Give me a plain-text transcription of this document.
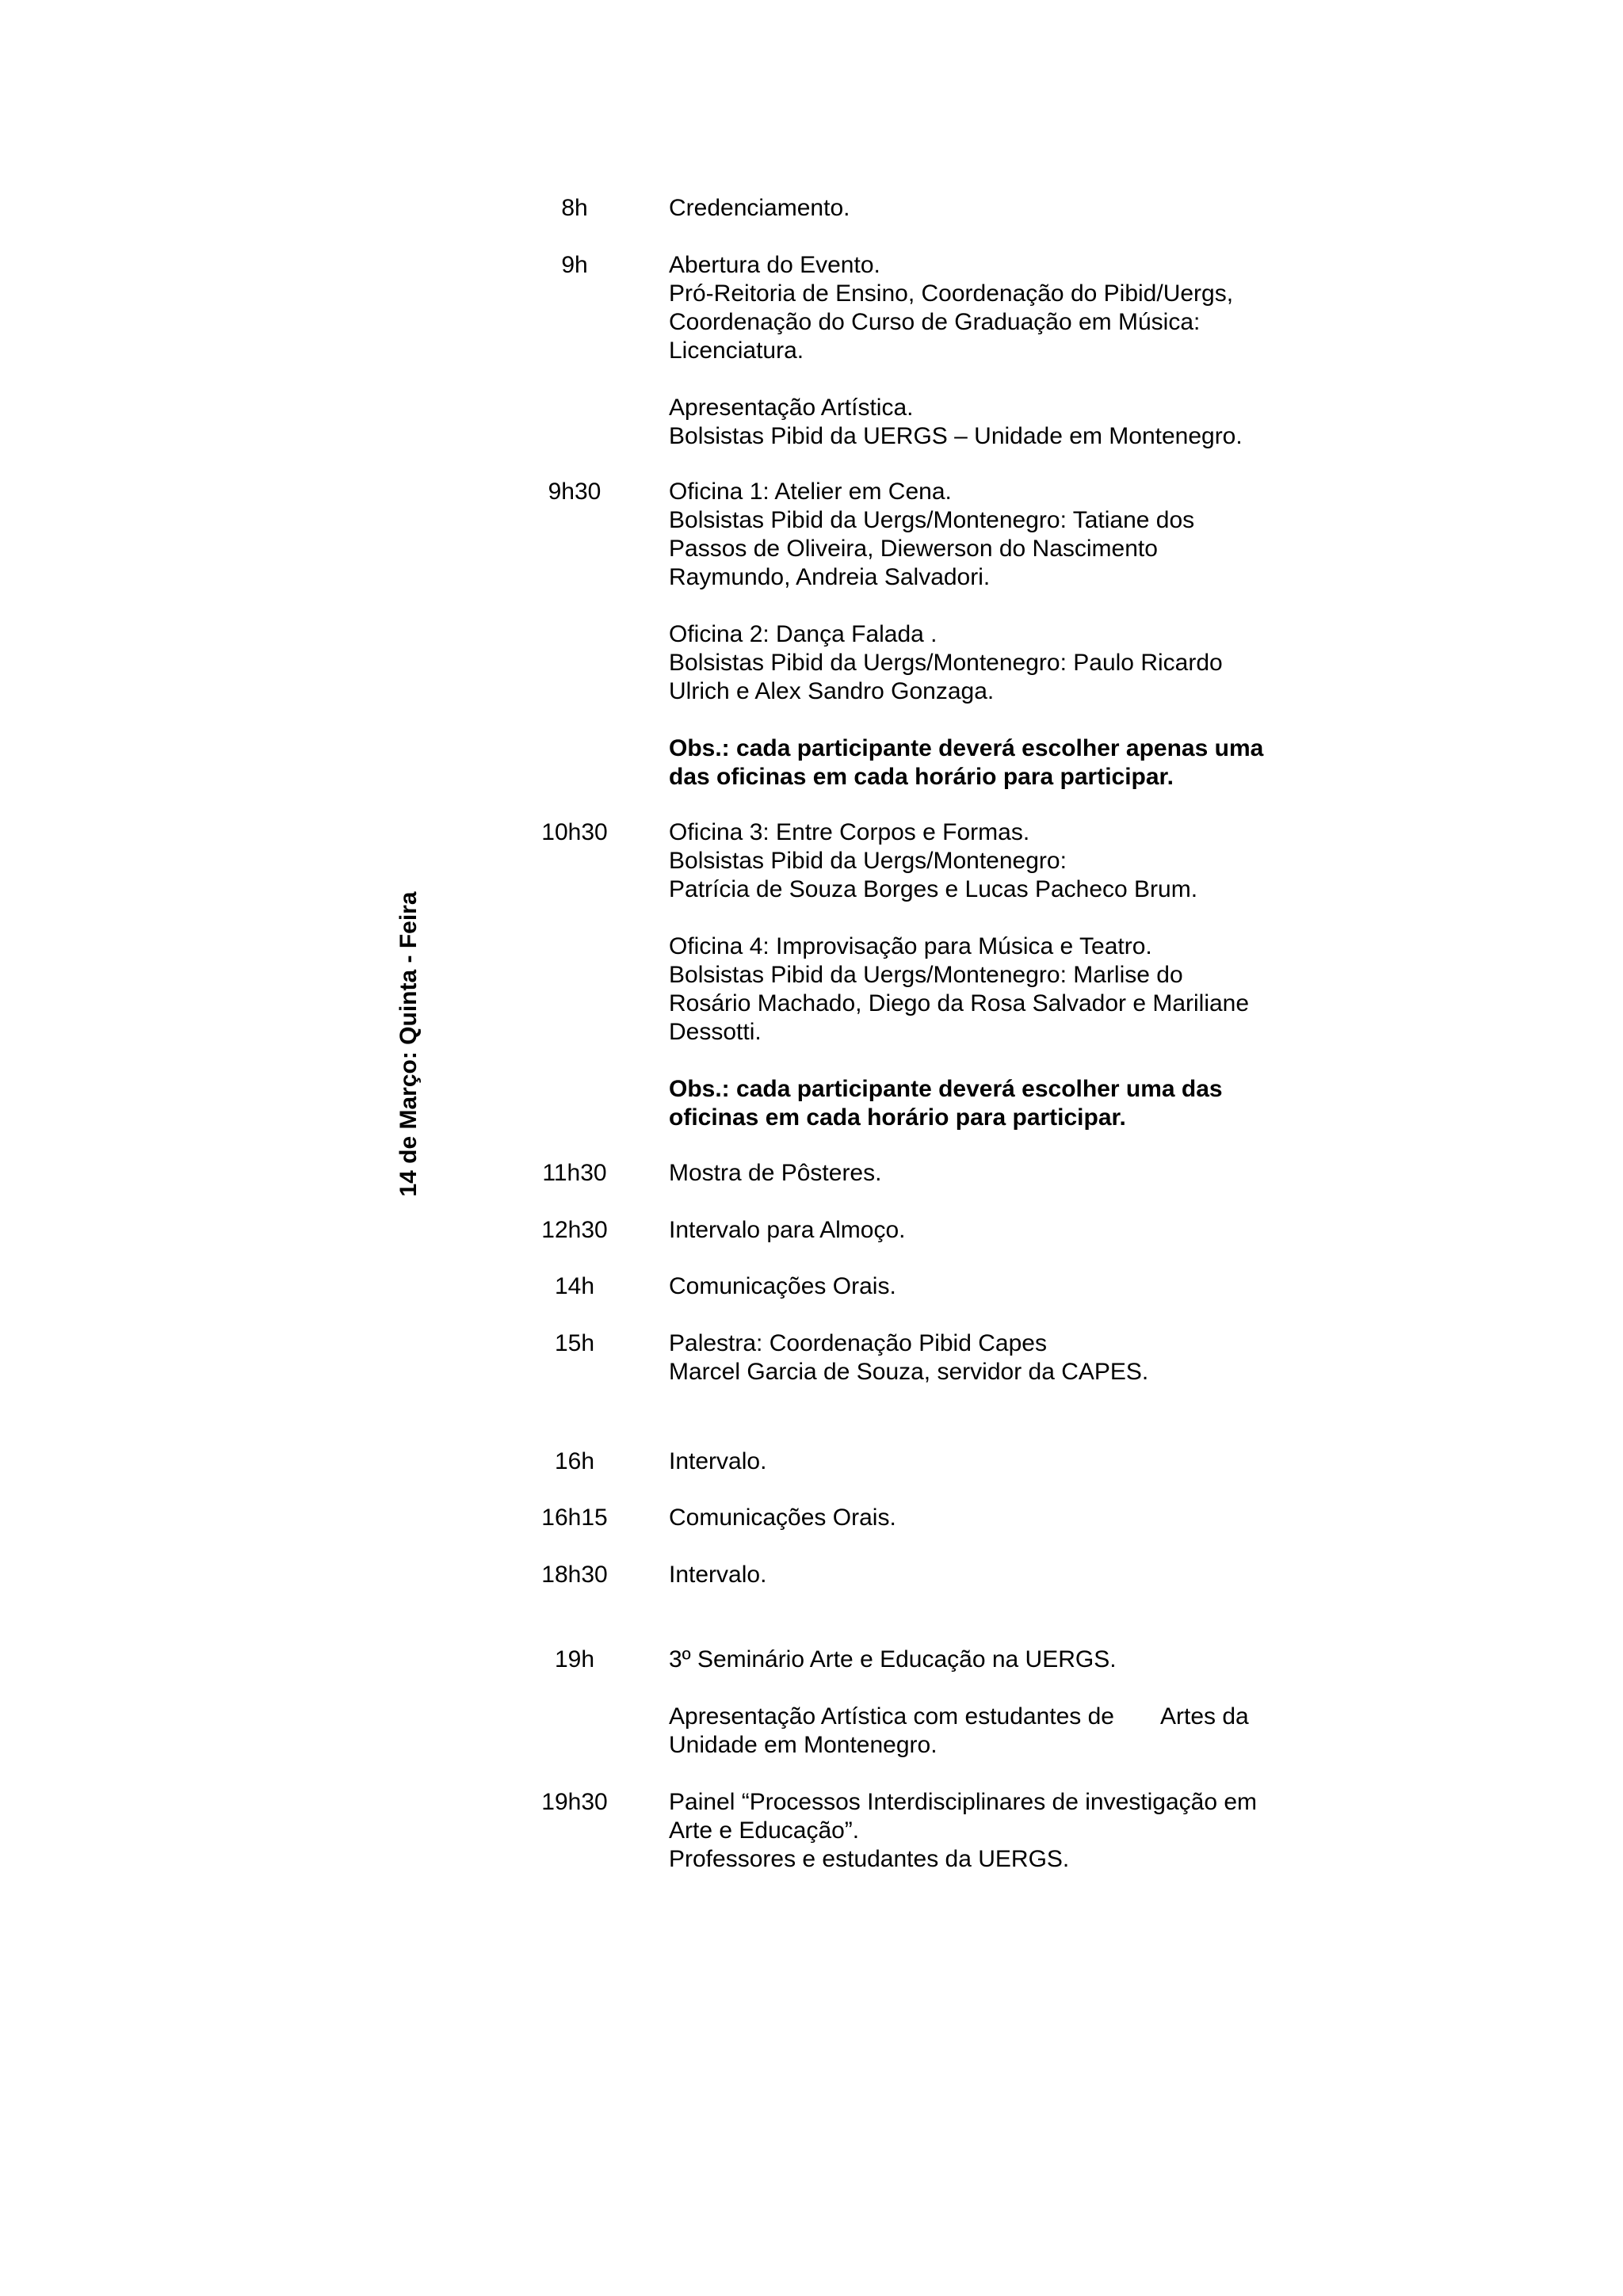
14 de Março: Quinta - Feira
8h	Credenciamento.
9h	Abertura do Evento.
Pró-Reitoria de Ensino, Coordenação do Pibid/Uergs,
Coordenação do Curso de Graduação em Música:
Licenciatura.
Apresentação Artística.
Bolsistas Pibid da UERGS – Unidade em Montenegro.
9h30	Oficina 1: Atelier em Cena.
Bolsistas Pibid da Uergs/Montenegro: Tatiane dos
Passos de Oliveira, Diewerson do Nascimento
Raymundo, Andreia Salvadori.
Oficina 2: Dança Falada .
Bolsistas Pibid da Uergs/Montenegro: Paulo Ricardo
Ulrich e Alex Sandro Gonzaga.
Obs.: cada participante deverá escolher apenas uma
das oficinas em cada horário para participar.
10h30	Oficina 3: Entre Corpos e Formas.
Bolsistas Pibid da Uergs/Montenegro:
Patrícia de Souza Borges e Lucas Pacheco Brum.
Oficina 4: Improvisação para Música e Teatro.
Bolsistas Pibid da Uergs/Montenegro: Marlise do
Rosário Machado, Diego da Rosa Salvador e Mariliane
Dessotti.
Obs.: cada participante deverá escolher uma das
oficinas em cada horário para participar.
11h30	Mostra de Pôsteres.
12h30	Intervalo para Almoço.
14h	Comunicações Orais.
15h	Palestra: Coordenação Pibid Capes
Marcel Garcia de Souza, servidor da CAPES.
16h	Intervalo.
16h15	Comunicações Orais.
18h30	Intervalo.
19h	3º Seminário Arte e Educação na UERGS.
Apresentação Artística com estudantes de Artes da
Unidade em Montenegro.
19h30	Painel “Processos Interdisciplinares de investigação em
Arte e Educação”.
Professores e estudantes da UERGS.
